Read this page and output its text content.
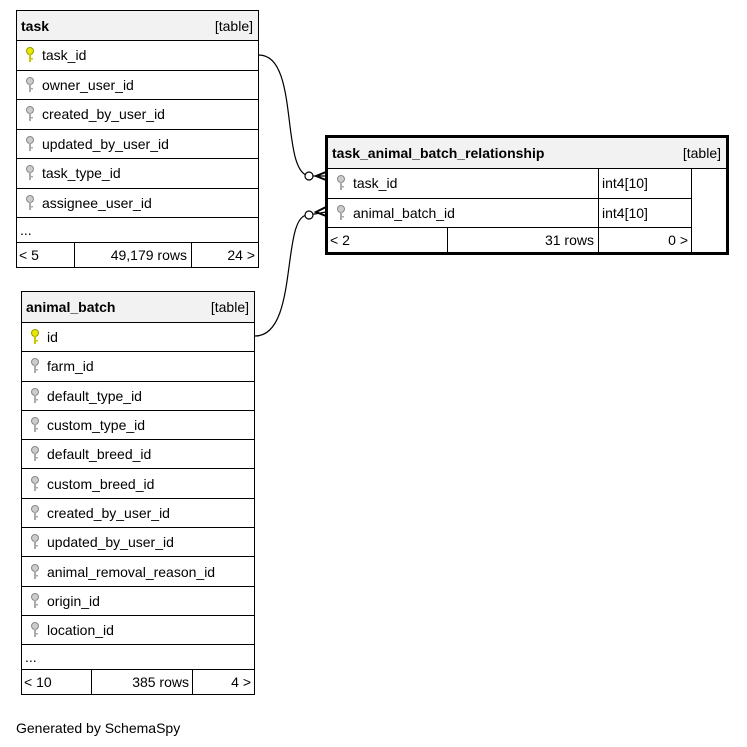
task	[table]
task_id
owner_user_id
created_by_user_id
updated_by_user_id
task_type_id
assignee_user_id
...
< 5	49,179 rows	24 >
task_animal_batch_relationship	[table]
task_id	int4[10]
animal_batch_id	int4[10]
< 2	31 rows	0 >
animal_batch	[table]
id
farm_id
default_type_id
custom_type_id
default_breed_id
custom_breed_id
created_by_user_id
updated_by_user_id
animal_removal_reason_id
origin_id
location_id
...
< 10	385 rows	4 >
Generated by SchemaSpy
